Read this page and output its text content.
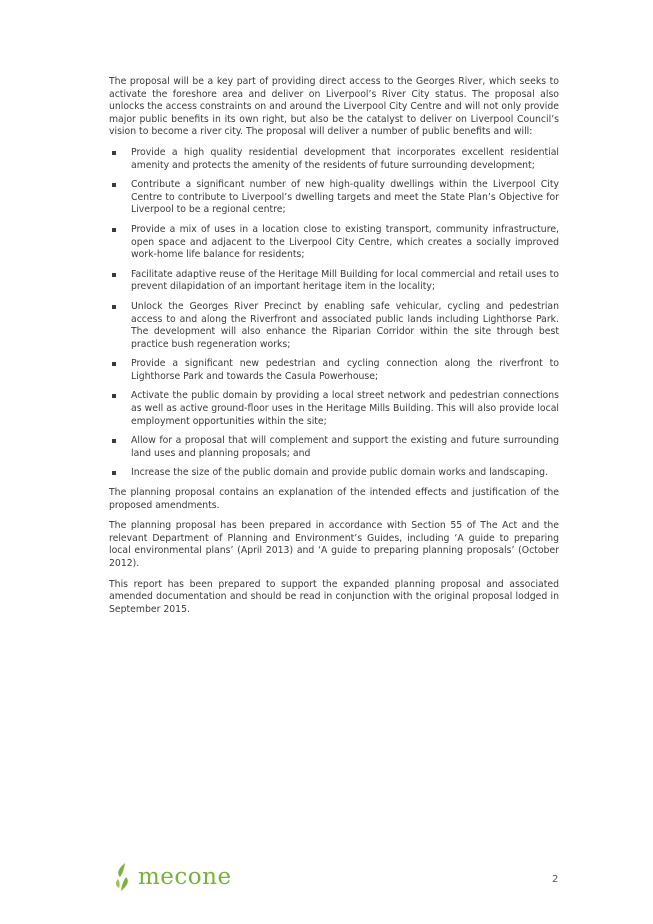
The proposal will be a key part of providing direct access to the Georges River, which seeks to activate the foreshore area and deliver on Liverpool’s River City status. The proposal also unlocks the access constraints on and around the Liverpool City Centre and will not only provide major public benefits in its own right, but also be the catalyst to deliver on Liverpool Council’s vision to become a river city. The proposal will deliver a number of public benefits and will:

Provide a high quality residential development that incorporates excellent residential amenity and protects the amenity of the residents of future surrounding development;
Contribute a significant number of new high-quality dwellings within the Liverpool City Centre to contribute to Liverpool’s dwelling targets and meet the State Plan’s Objective for Liverpool to be a regional centre;
Provide a mix of uses in a location close to existing transport, community infrastructure, open space and adjacent to the Liverpool City Centre, which creates a socially improved work-home life balance for residents;
Facilitate adaptive reuse of the Heritage Mill Building for local commercial and retail uses to prevent dilapidation of an important heritage item in the locality;
Unlock the Georges River Precinct by enabling safe vehicular, cycling and pedestrian access to and along the Riverfront and associated public lands including Lighthorse Park. The development will also enhance the Riparian Corridor within the site through best practice bush regeneration works;
Provide a significant new pedestrian and cycling connection along the riverfront to Lighthorse Park and towards the Casula Powerhouse;
Activate the public domain by providing a local street network and pedestrian connections as well as active ground-floor uses in the Heritage Mills Building. This will also provide local employment opportunities within the site;
Allow for a proposal that will complement and support the existing and future surrounding land uses and planning proposals; and
Increase the size of the public domain and provide public domain works and landscaping.

The planning proposal contains an explanation of the intended effects and justification of the proposed amendments.

The planning proposal has been prepared in accordance with Section 55 of The Act and the relevant Department of Planning and Environment’s Guides, including ‘A guide to preparing local environmental plans’ (April 2013) and ‘A guide to preparing planning proposals’ (October 2012).

This report has been prepared to support the expanded planning proposal and associated amended documentation and should be read in conjunction with the original proposal lodged in September 2015.

mecone	2
